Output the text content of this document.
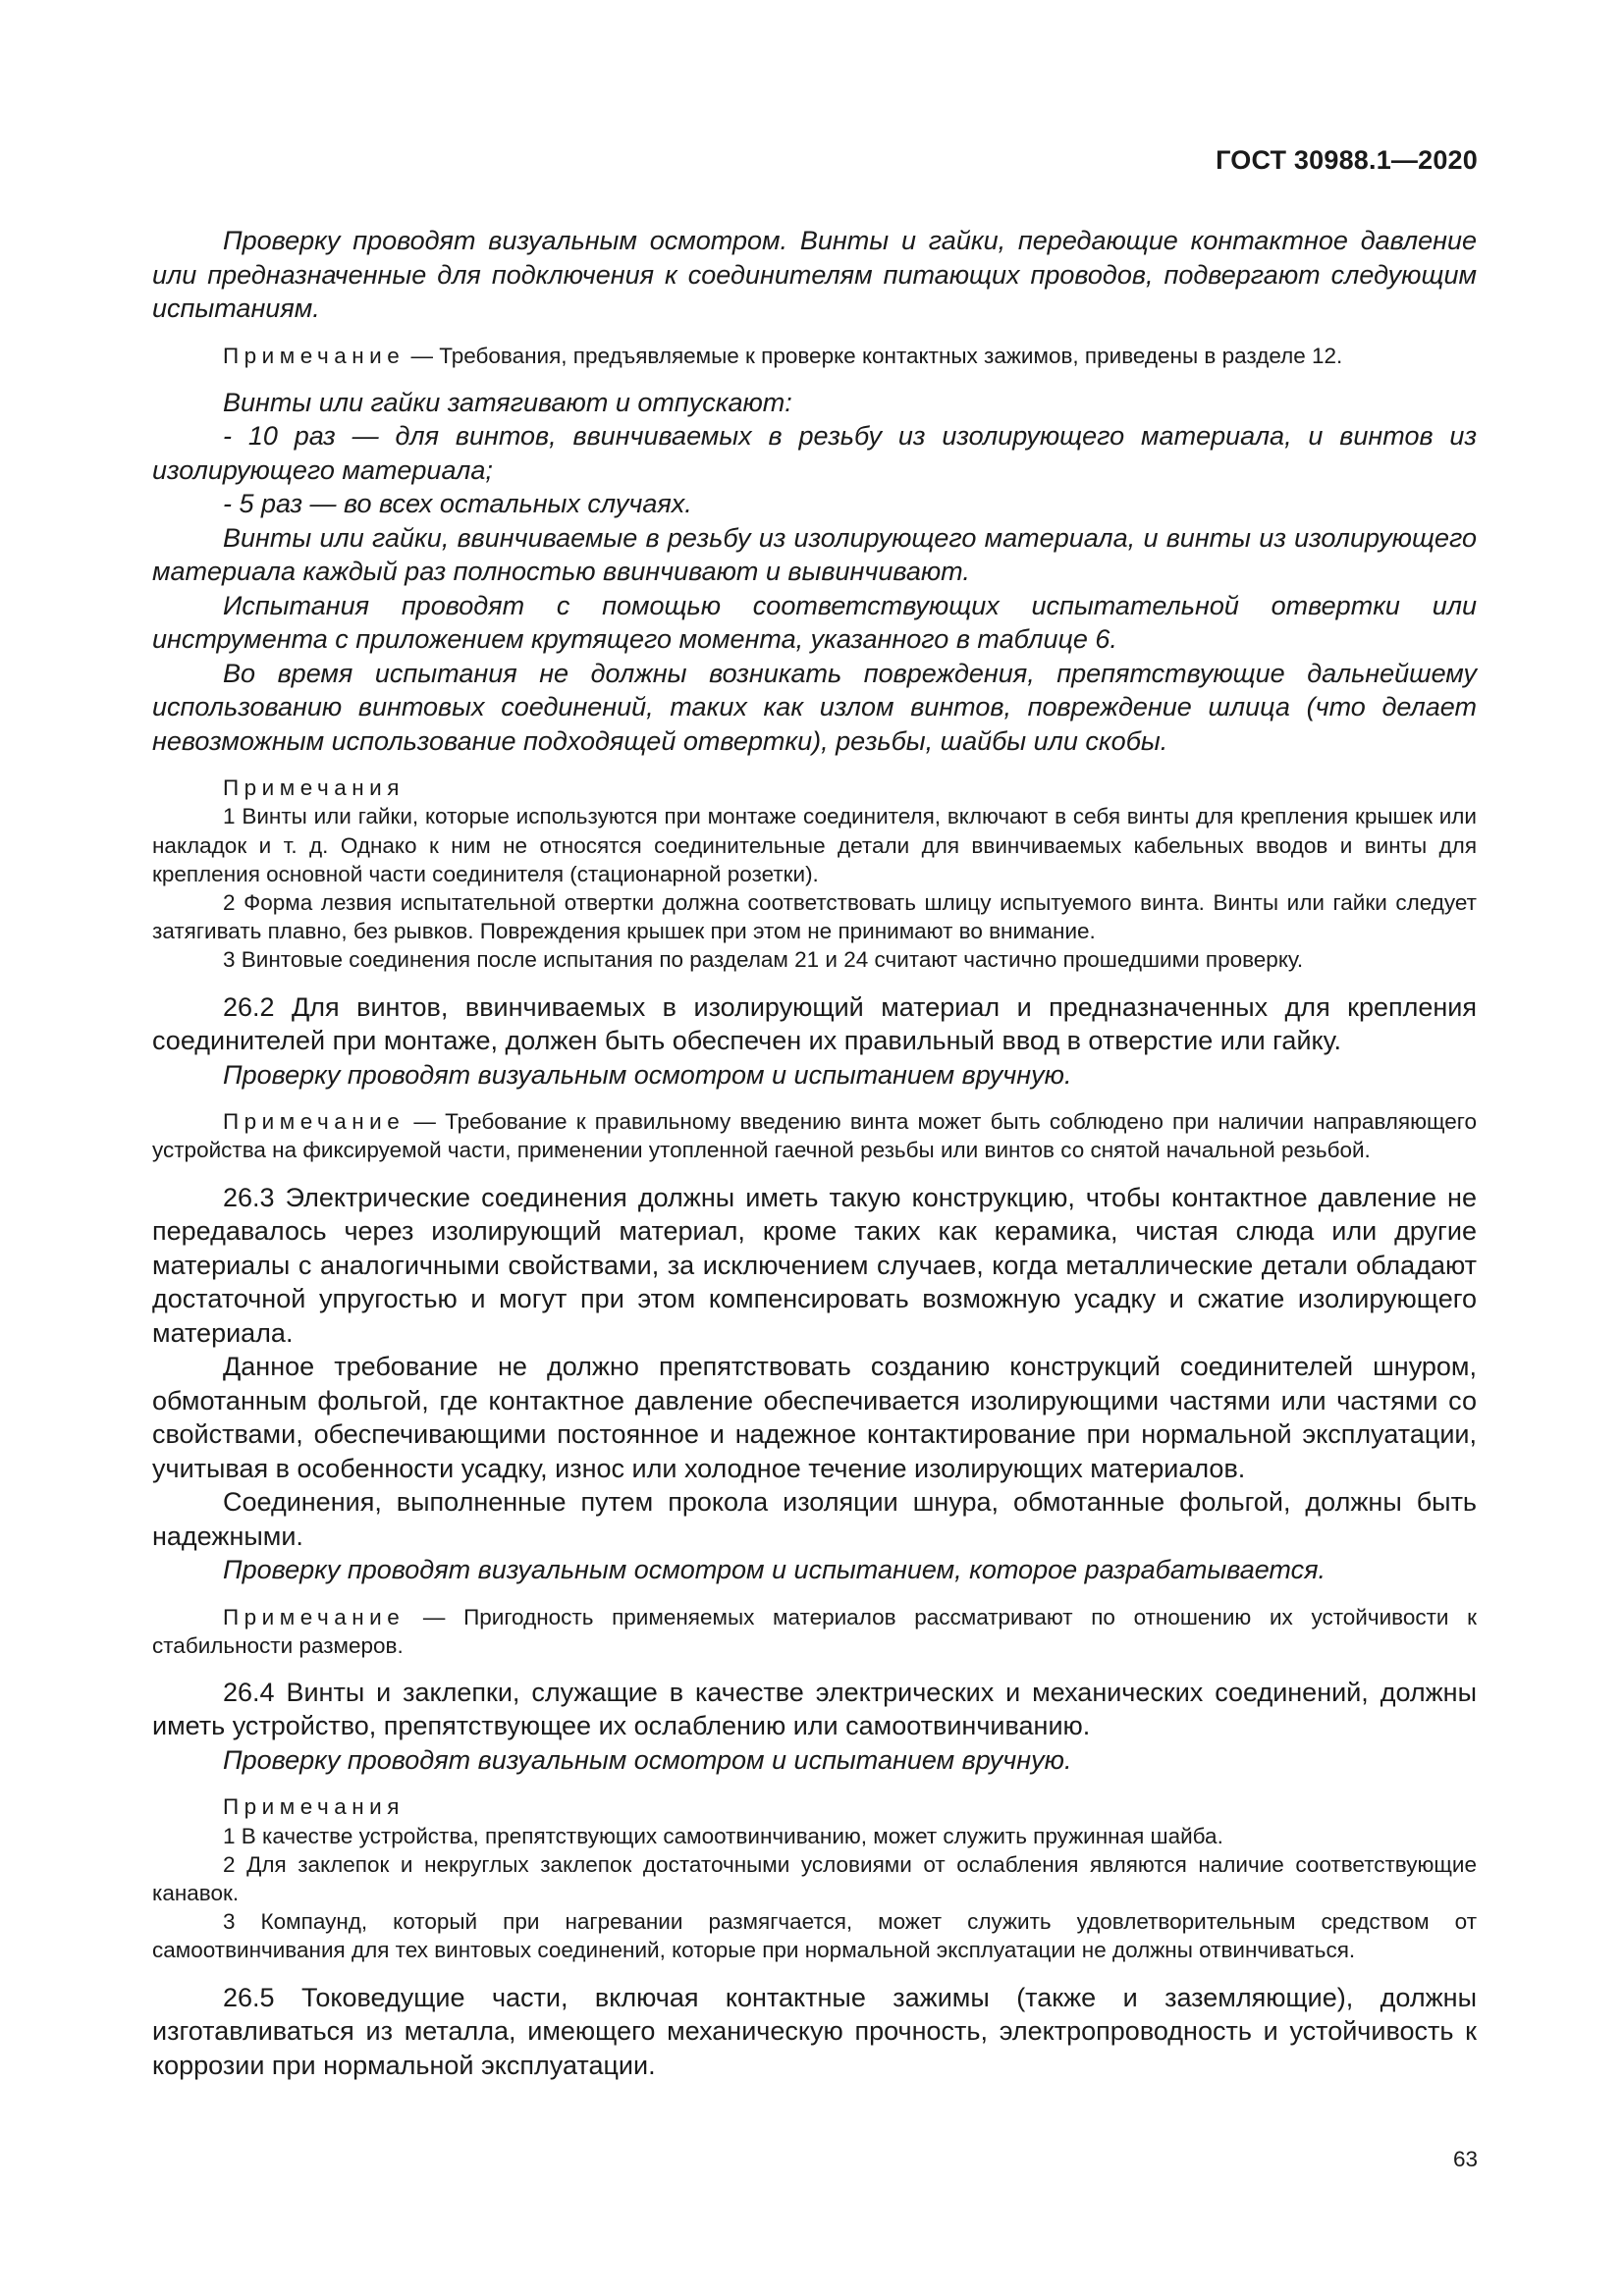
ГОСТ 30988.1—2020

Проверку проводят визуальным осмотром. Винты и гайки, передающие контактное давление или предназначенные для подключения к соединителям питающих проводов, подвергают следующим испытаниям.

Примечание — Требования, предъявляемые к проверке контактных зажимов, приведены в разделе 12.

Винты или гайки затягивают и отпускают:

- 10 раз — для винтов, ввинчиваемых в резьбу из изолирующего материала, и винтов из изолирующего материала;

- 5 раз — во всех остальных случаях.

Винты или гайки, ввинчиваемые в резьбу из изолирующего материала, и винты из изолирующего материала каждый раз полностью ввинчивают и вывинчивают.

Испытания проводят с помощью соответствующих испытательной отвертки или инструмента с приложением крутящего момента, указанного в таблице 6.

Во время испытания не должны возникать повреждения, препятствующие дальнейшему использованию винтовых соединений, таких как излом винтов, повреждение шлица (что делает невозможным использование подходящей отвертки), резьбы, шайбы или скобы.

Примечания

1 Винты или гайки, которые используются при монтаже соединителя, включают в себя винты для крепления крышек или накладок и т. д. Однако к ним не относятся соединительные детали для ввинчиваемых кабельных вводов и винты для крепления основной части соединителя (стационарной розетки).

2 Форма лезвия испытательной отвертки должна соответствовать шлицу испытуемого винта. Винты или гайки следует затягивать плавно, без рывков. Повреждения крышек при этом не принимают во внимание.

3 Винтовые соединения после испытания по разделам 21 и 24 считают частично прошедшими проверку.

26.2 Для винтов, ввинчиваемых в изолирующий материал и предназначенных для крепления соединителей при монтаже, должен быть обеспечен их правильный ввод в отверстие или гайку.

Проверку проводят визуальным осмотром и испытанием вручную.

Примечание — Требование к правильному введению винта может быть соблюдено при наличии направляющего устройства на фиксируемой части, применении утопленной гаечной резьбы или винтов со снятой начальной резьбой.

26.3 Электрические соединения должны иметь такую конструкцию, чтобы контактное давление не передавалось через изолирующий материал, кроме таких как керамика, чистая слюда или другие материалы с аналогичными свойствами, за исключением случаев, когда металлические детали обладают достаточной упругостью и могут при этом компенсировать возможную усадку и сжатие изолирующего материала.

Данное требование не должно препятствовать созданию конструкций соединителей шнуром, обмотанным фольгой, где контактное давление обеспечивается изолирующими частями или частями со свойствами, обеспечивающими постоянное и надежное контактирование при нормальной эксплуатации, учитывая в особенности усадку, износ или холодное течение изолирующих материалов.

Соединения, выполненные путем прокола изоляции шнура, обмотанные фольгой, должны быть надежными.

Проверку проводят визуальным осмотром и испытанием, которое разрабатывается.

Примечание — Пригодность применяемых материалов рассматривают по отношению их устойчивости к стабильности размеров.

26.4 Винты и заклепки, служащие в качестве электрических и механических соединений, должны иметь устройство, препятствующее их ослаблению или самоотвинчиванию.

Проверку проводят визуальным осмотром и испытанием вручную.

Примечания

1 В качестве устройства, препятствующих самоотвинчиванию, может служить пружинная шайба.

2 Для заклепок и некруглых заклепок достаточными условиями от ослабления являются наличие соответствующие канавок.

3 Компаунд, который при нагревании размягчается, может служить удовлетворительным средством от самоотвинчивания для тех винтовых соединений, которые при нормальной эксплуатации не должны отвинчиваться.

26.5 Токоведущие части, включая контактные зажимы (также и заземляющие), должны изготавливаться из металла, имеющего механическую прочность, электропроводность и устойчивость к коррозии при нормальной эксплуатации.

63
